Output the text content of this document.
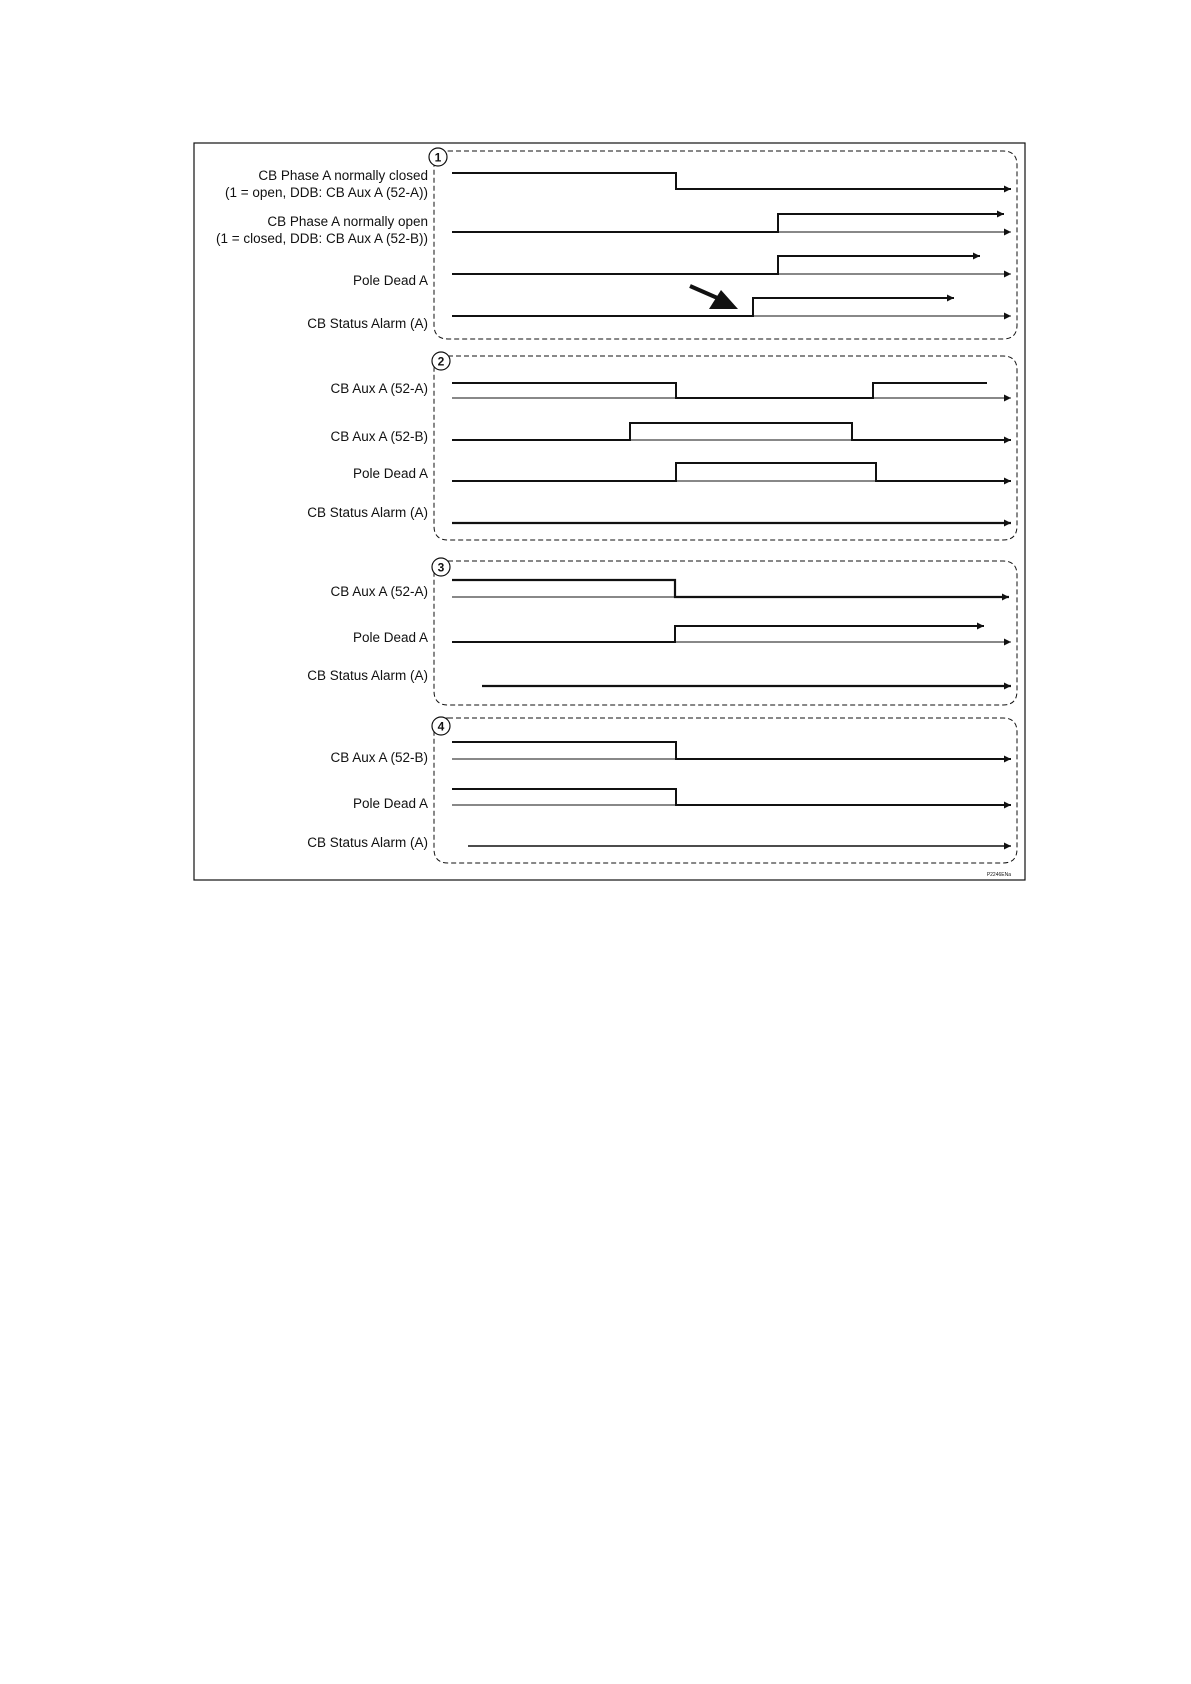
1
2
3
4
CB Phase A normally closed
(1 = open, DDB: CB Aux A (52-A))
CB Phase A normally open
(1 = closed, DDB: CB Aux A (52-B))
Pole Dead A
CB Status Alarm (A)
CB Aux A (52-A)
CB Aux A (52-B)
Pole Dead A
CB Status Alarm (A)
CB Aux A (52-A)
Pole Dead A
CB Status Alarm (A)
CB Aux A (52-B)
Pole Dead A
CB Status Alarm (A)
P2246ENa
